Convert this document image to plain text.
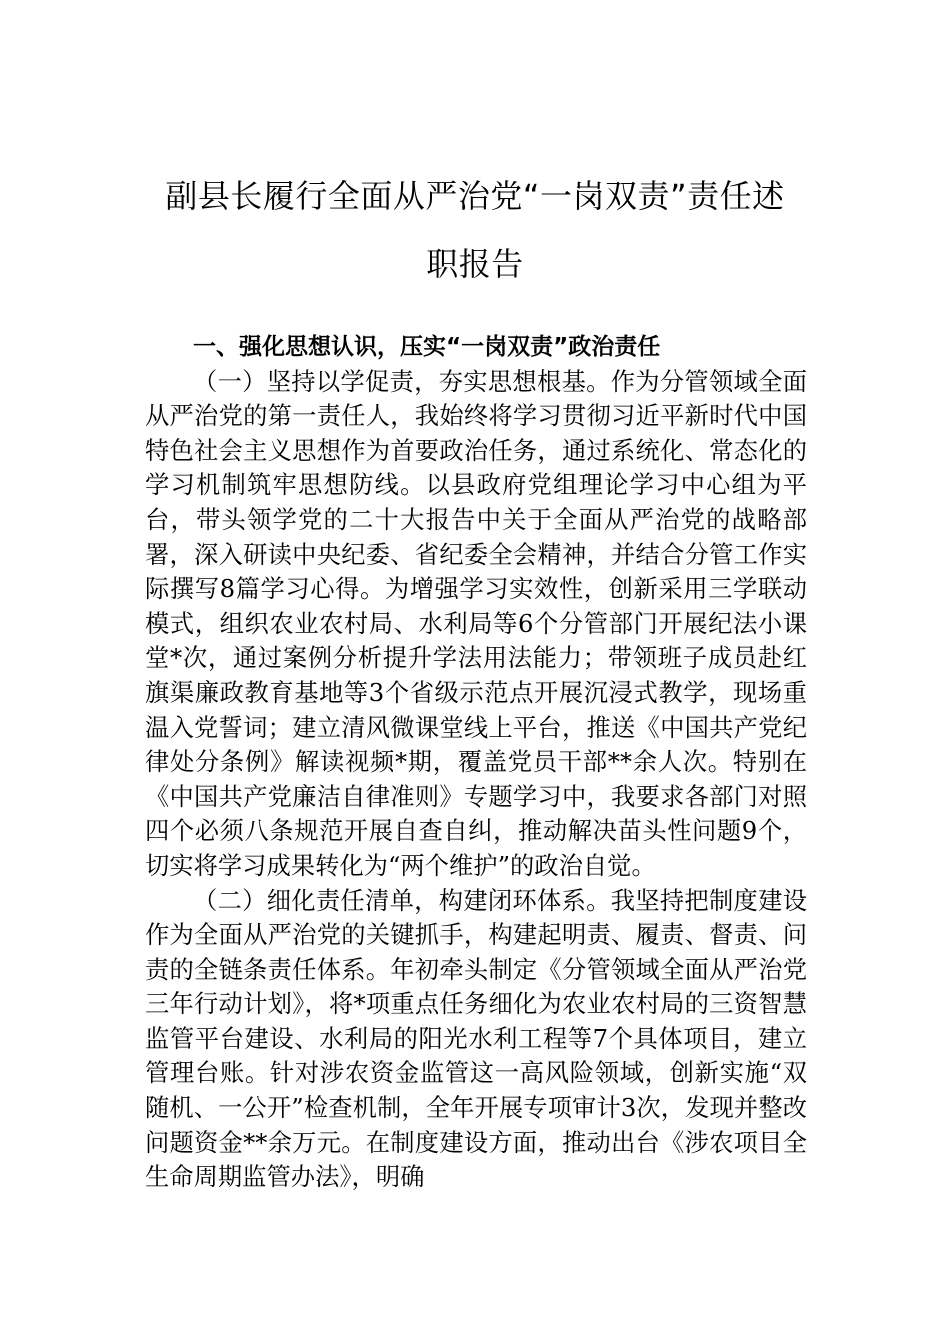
副县长履行全面从严治党“一岗双责”责任述
职报告

一、强化思想认识，压实“一岗双责”政治责任

（一）坚持以学促责，夯实思想根基。作为分管领域全面从严治党的第一责任人，我始终将学习贯彻习近平新时代中国特色社会主义思想作为首要政治任务，通过系统化、常态化的学习机制筑牢思想防线。以县政府党组理论学习中心组为平台，带头领学党的二十大报告中关于全面从严治党的战略部署，深入研读中央纪委、省纪委全会精神，并结合分管工作实际撰写8篇学习心得。为增强学习实效性，创新采用三学联动模式，组织农业农村局、水利局等6个分管部门开展纪法小课堂*次，通过案例分析提升学法用法能力；带领班子成员赴红旗渠廉政教育基地等3个省级示范点开展沉浸式教学，现场重温入党誓词；建立清风微课堂线上平台，推送《中国共产党纪律处分条例》解读视频*期，覆盖党员干部**余人次。特别在《中国共产党廉洁自律准则》专题学习中，我要求各部门对照四个必须八条规范开展自查自纠，推动解决苗头性问题9个，切实将学习成果转化为“两个维护”的政治自觉。

（二）细化责任清单，构建闭环体系。我坚持把制度建设作为全面从严治党的关键抓手，构建起明责、履责、督责、问责的全链条责任体系。年初牵头制定《分管领域全面从严治党三年行动计划》，将*项重点任务细化为农业农村局的三资智慧监管平台建设、水利局的阳光水利工程等7个具体项目，建立管理台账。针对涉农资金监管这一高风险领域，创新实施“双随机、一公开”检查机制，全年开展专项审计3次，发现并整改问题资金**余万元。在制度建设方面，推动出台《涉农项目全生命周期监管办法》，明确
